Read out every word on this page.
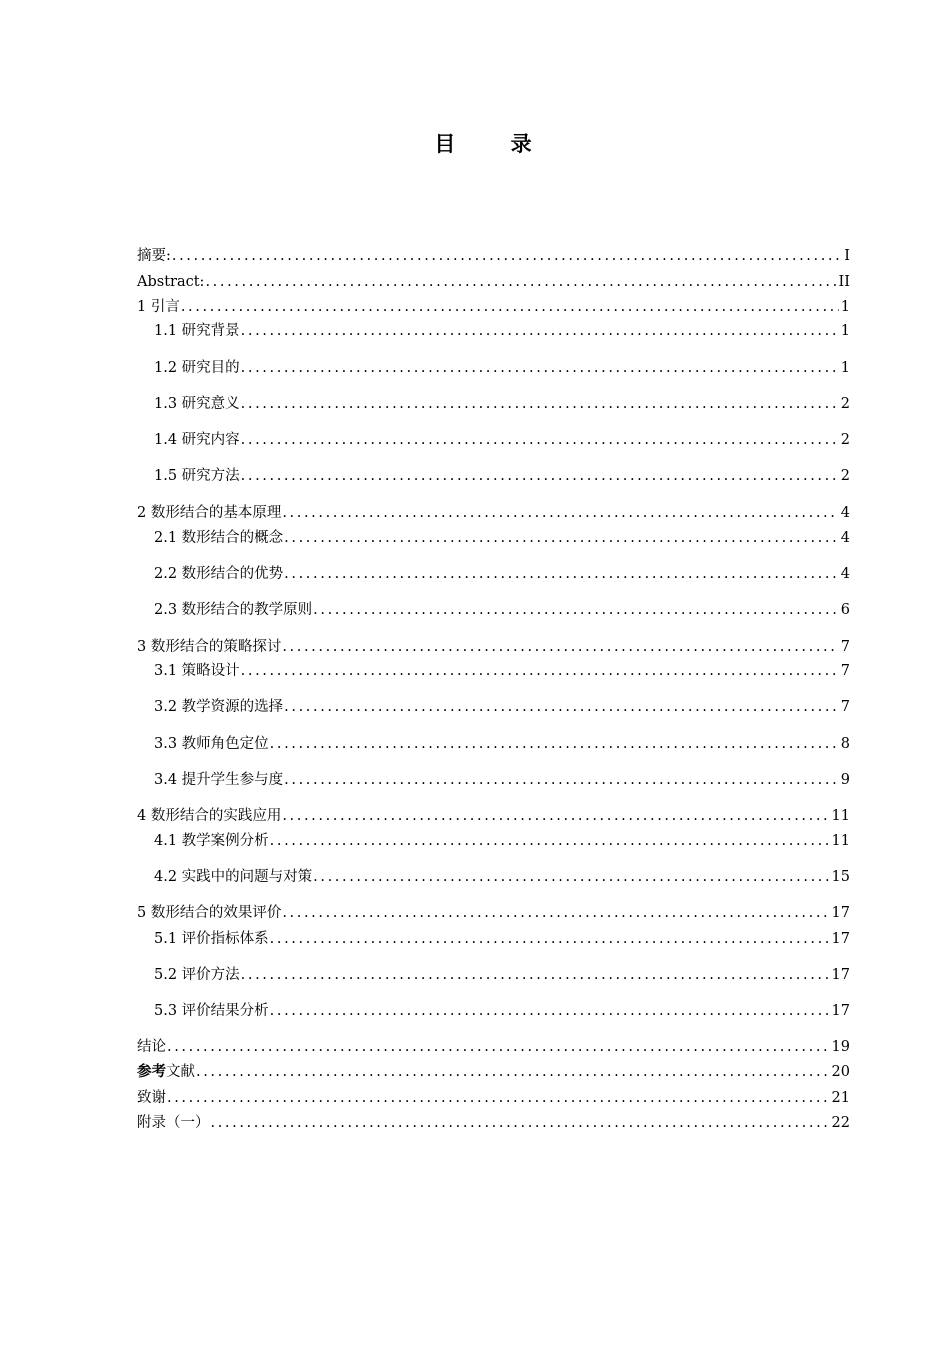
目 录
摘要: .....	I
Abstract: .....	II
1 引言 .....	1
1.1 研究背景 .....	1
1.2 研究目的 .....	1
1.3 研究意义 .....	2
1.4 研究内容 .....	2
1.5 研究方法 .....	2
2 数形结合的基本原理 .....	4
2.1 数形结合的概念 .....	4
2.2 数形结合的优势 .....	4
2.3 数形结合的教学原则 .....	6
3 数形结合的策略探讨 .....	7
3.1 策略设计 .....	7
3.2 教学资源的选择 .....	7
3.3 教师角色定位 .....	8
3.4 提升学生参与度 .....	9
4 数形结合的实践应用 .....	11
4.1 教学案例分析 .....	11
4.2 实践中的问题与对策 .....	15
5 数形结合的效果评价 .....	17
5.1 评价指标体系 .....	17
5.2 评价方法 .....	17
5.3 评价结果分析 .....	17
结论 .....	19
参考文献 .....	20
致谢 .....	21
附录（一） .....	22
